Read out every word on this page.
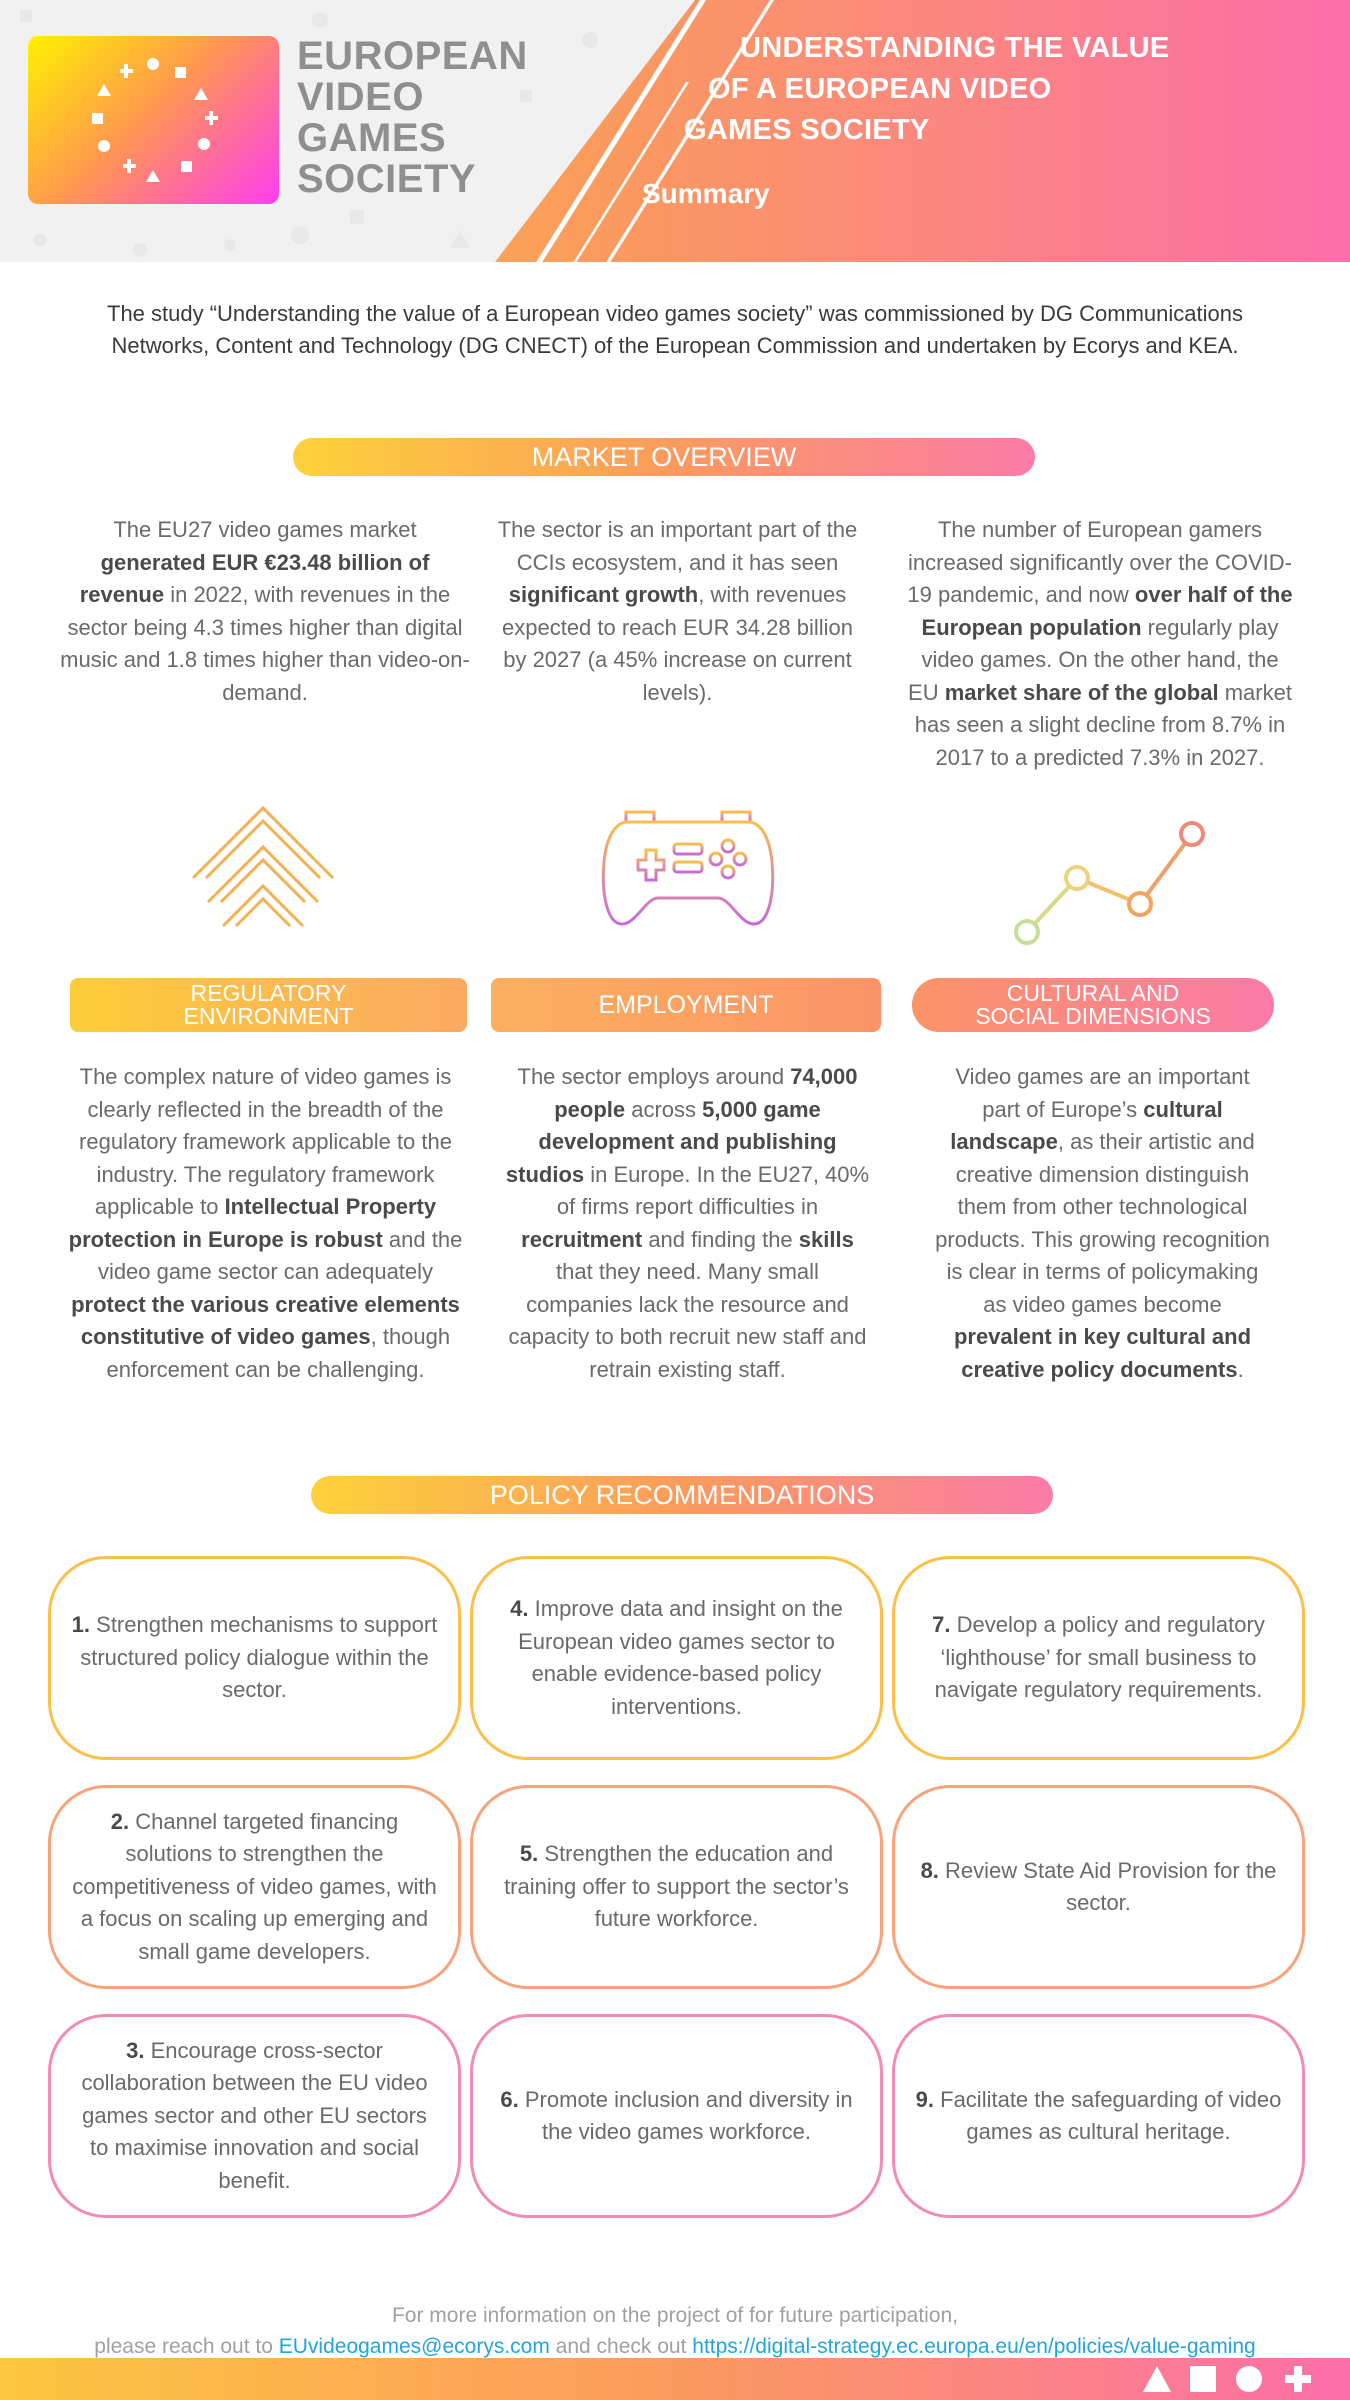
EUROPEAN
VIDEO
GAMES
SOCIETY
UNDERSTANDING THE VALUE
OF A EUROPEAN VIDEO
GAMES SOCIETY
Summary

The study “Understanding the value of a European video games society” was commissioned by DG Communications Networks, Content and Technology (DG CNECT) of the European Commission and undertaken by Ecorys and KEA.

MARKET OVERVIEW

The EU27 video games market generated EUR €23.48 billion of revenue in 2022, with revenues in the sector being 4.3 times higher than digital music and 1.8 times higher than video-on-demand.

The sector is an important part of the CCIs ecosystem, and it has seen significant growth, with revenues expected to reach EUR 34.28 billion by 2027 (a 45% increase on current levels).

The number of European gamers increased significantly over the COVID-19 pandemic, and now over half of the European population regularly play video games. On the other hand, the EU market share of the global market has seen a slight decline from 8.7% in 2017 to a predicted 7.3% in 2027.

REGULATORY
ENVIRONMENT	EMPLOYMENT	CULTURAL AND
SOCIAL DIMENSIONS

The complex nature of video games is clearly reflected in the breadth of the regulatory framework applicable to the industry. The regulatory framework applicable to Intellectual Property protection in Europe is robust and the video game sector can adequately protect the various creative elements constitutive of video games, though enforcement can be challenging.

The sector employs around 74,000 people across 5,000 game development and publishing studios in Europe. In the EU27, 40% of firms report difficulties in recruitment and finding the skills that they need. Many small companies lack the resource and capacity to both recruit new staff and retrain existing staff.

Video games are an important part of Europe’s cultural landscape, as their artistic and creative dimension distinguish them from other technological products. This growing recognition is clear in terms of policymaking as video games become prevalent in key cultural and creative policy documents.

POLICY RECOMMENDATIONS

1. Strengthen mechanisms to support structured policy dialogue within the sector.

4. Improve data and insight on the European video games sector to enable evidence-based policy interventions.

7. Develop a policy and regulatory ‘lighthouse’ for small business to navigate regulatory requirements.

2. Channel targeted financing solutions to strengthen the competitiveness of video games, with a focus on scaling up emerging and small game developers.

5. Strengthen the education and training offer to support the sector’s future workforce.

8. Review State Aid Provision for the sector.

3. Encourage cross-sector collaboration between the EU video games sector and other EU sectors to maximise innovation and social benefit.

6. Promote inclusion and diversity in the video games workforce.

9. Facilitate the safeguarding of video games as cultural heritage.

For more information on the project of for future participation,
please reach out to EUvideogames@ecorys.com and check out https://digital-strategy.ec.europa.eu/en/policies/value-gaming
